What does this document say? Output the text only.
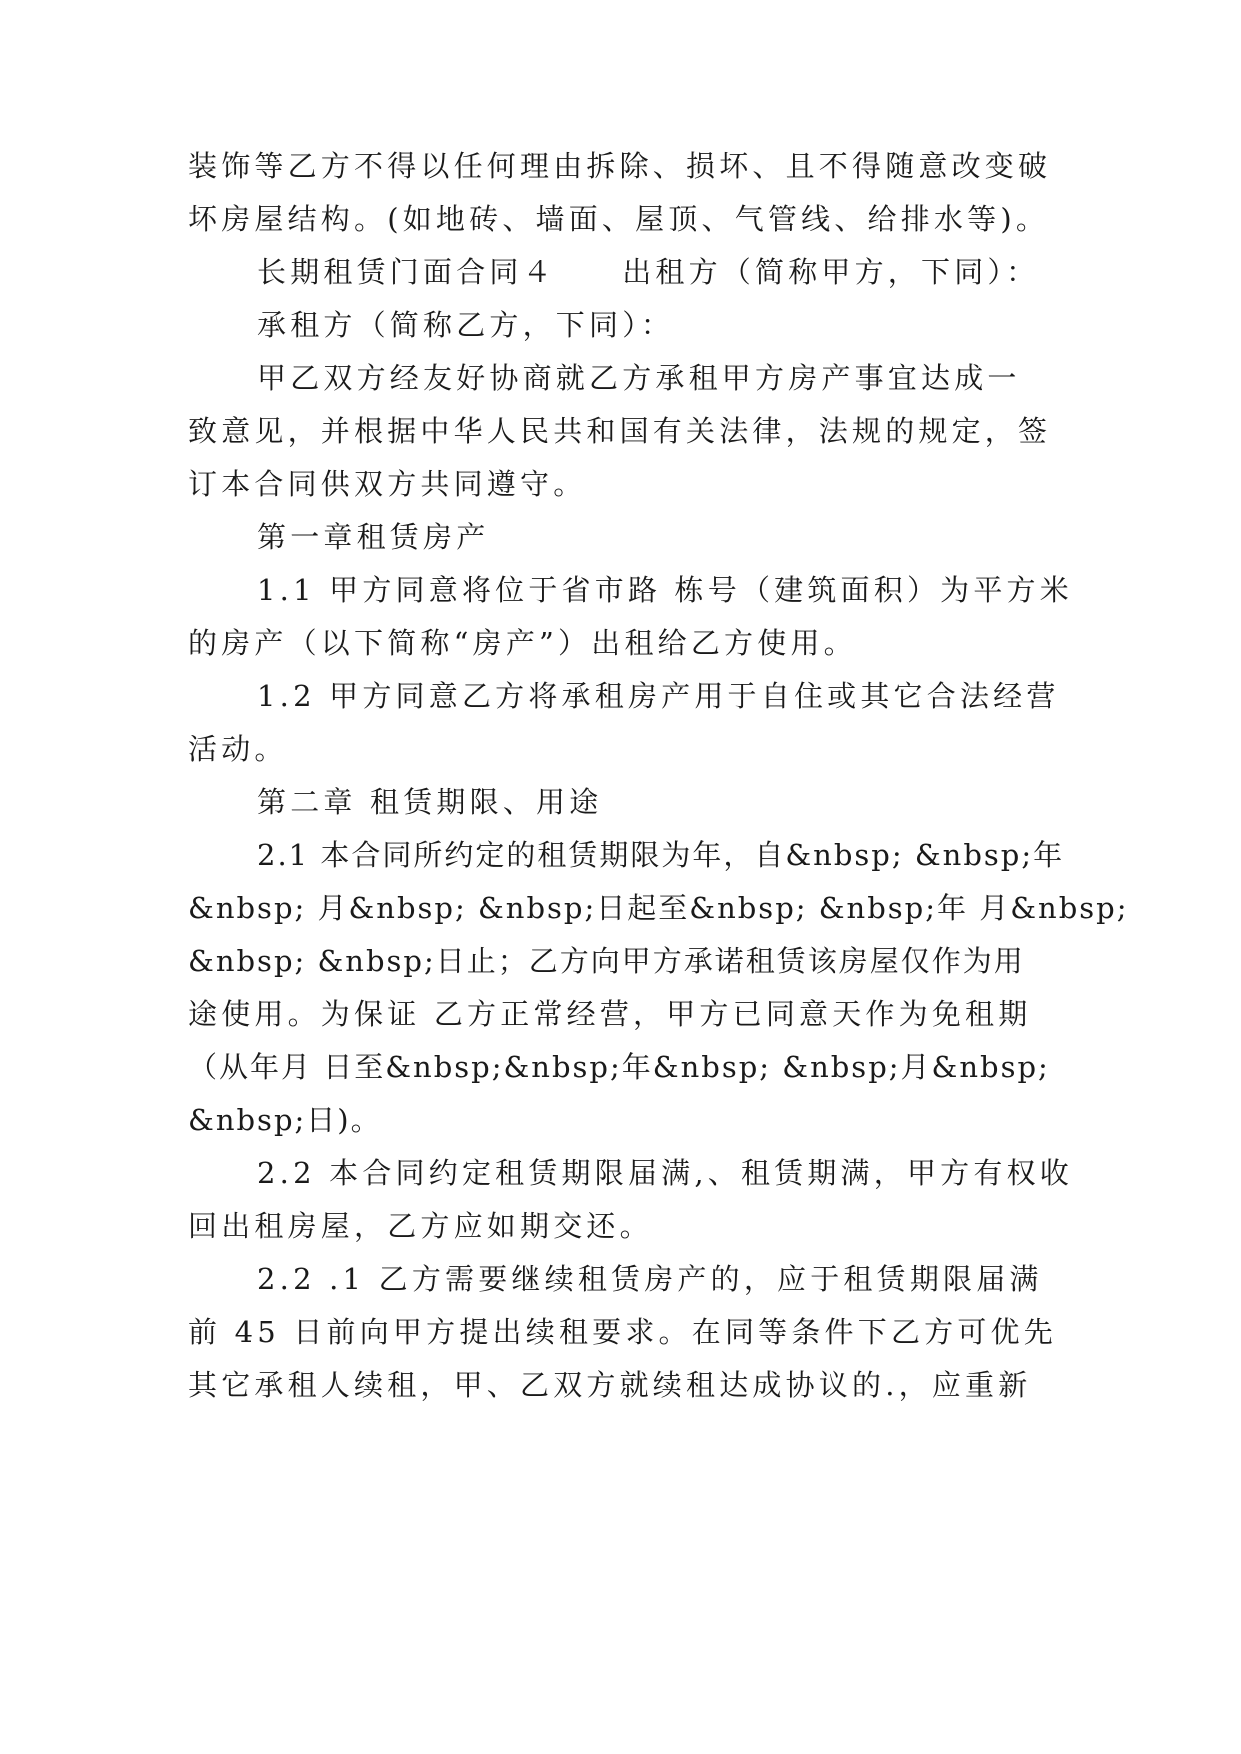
装饰等乙方不得以任何理由拆除、损坏、且不得随意改变破
坏房屋结构。(如地砖、墙面、屋顶、气管线、给排水等)。
长期租赁门面合同４　　出租方（简称甲方，下同）：
承租方（简称乙方，下同）：
甲乙双方经友好协商就乙方承租甲方房产事宜达成一
致意见，并根据中华人民共和国有关法律，法规的规定，签
订本合同供双方共同遵守。
第一章租赁房产
1.1 甲方同意将位于省市路 栋号（建筑面积）为平方米
的房产（以下简称“房产”）出租给乙方使用。
1.2 甲方同意乙方将承租房产用于自住或其它合法经营
活动。
第二章 租赁期限、用途
2.1 本合同所约定的租赁期限为年，自&nbsp; &nbsp;年
&nbsp; 月&nbsp; &nbsp;日起至&nbsp; &nbsp;年 月&nbsp;
&nbsp; &nbsp;日止；乙方向甲方承诺租赁该房屋仅作为用
途使用。为保证 乙方正常经营，甲方已同意天作为免租期
（从年月 日至&nbsp;&nbsp;年&nbsp; &nbsp;月&nbsp;
&nbsp;日)。
2.2 本合同约定租赁期限届满,、租赁期满，甲方有权收
回出租房屋，乙方应如期交还。
2.2 .1 乙方需要继续租赁房产的，应于租赁期限届满
前 45 日前向甲方提出续租要求。在同等条件下乙方可优先
其它承租人续租，甲、乙双方就续租达成协议的.，应重新
